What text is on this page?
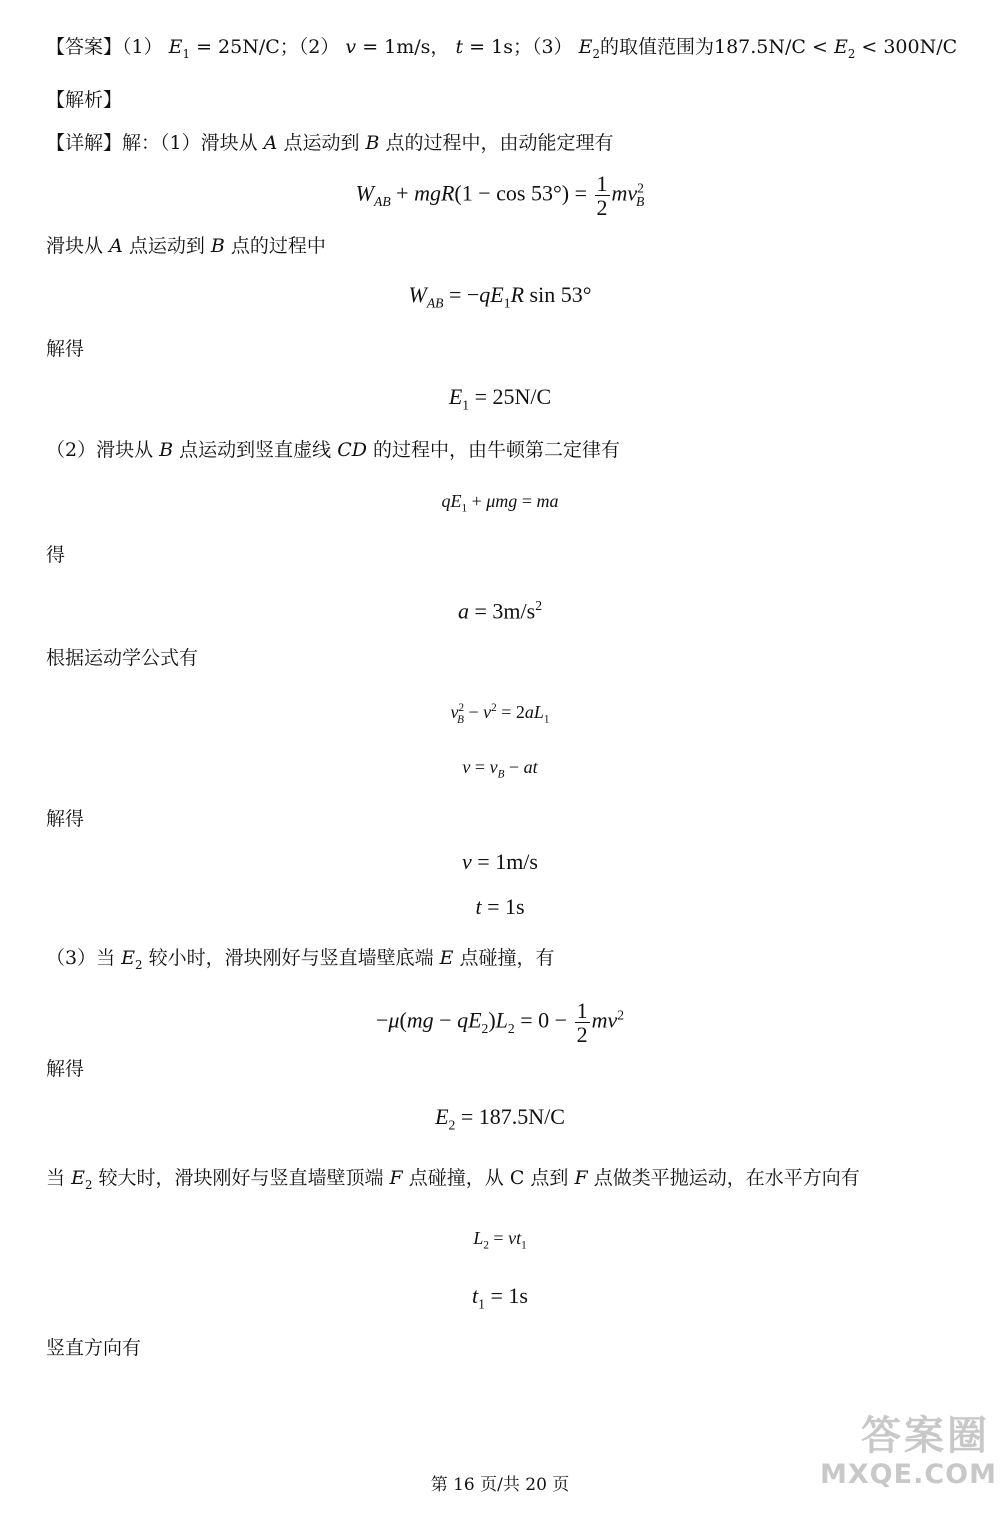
【答案】（1） $E_1 = 25N/C$；（2） v = 1m/s， t = 1s；（3） $E_2$的取值范围为$187.5N/C < E_2 < 300N/C$
【解析】
【详解】解：（1）滑块从 A 点运动到 B 点的过程中，由动能定理有
$W_{AB} + mgR(1 - \cos 53^\circ) = \frac{1}{2} mv^2_B$
滑块从 A 点运动到 B 点的过程中
$W_{AB} = -qE_1R$ sin 53°
解得
$E_1 = 25N/C$
（2）滑块从 B 点运动到竖直虚线 CD 的过程中，由牛顿第二定律有
$qE_1 + \mu mg$ = ma
得
$a = 3m/s^2$
根据运动学公式有
$v^2_B - v^2 = 2aL_1$
$v = v_B$ − at
解得
v = 1m/s
t = 1s
（3）当 $E_2$ 较小时，滑块刚好与竖直墙壁底端 E 点碰撞，有
$-\mu(mg - qE_2)L_2 = 0 - \frac{1}{2} mv^2$
解得
$E_2 = 187.5N/C$
当 $E_2$ 较大时，滑块刚好与竖直墙壁顶端 F 点碰撞，从 C 点到 F 点做类平抛运动，在水平方向有
$L_2 = vt_1$
$t_1 = 1s$
竖直方向有
第 16 页/共 20 页
答案圈
MXQE.COM
